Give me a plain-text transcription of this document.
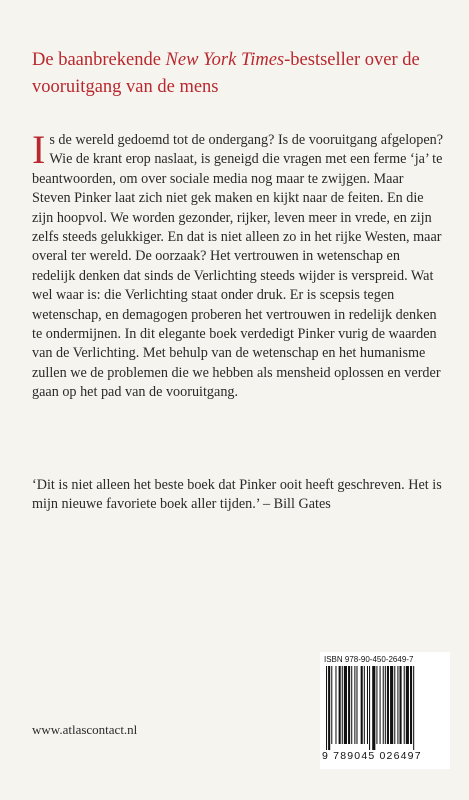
De baanbrekende New York Times-bestseller over de vooruitgang van de mens
Is de wereld gedoemd tot de ondergang? Is de vooruitgang afgelopen? Wie de krant erop naslaat, is geneigd die vragen met een ferme ‘ja’ te beantwoorden, om over sociale media nog maar te zwijgen. Maar Steven Pinker laat zich niet gek maken en kijkt naar de feiten. En die zijn hoopvol. We worden gezonder, rijker, leven meer in vrede, en zijn zelfs steeds gelukkiger. En dat is niet alleen zo in het rijke Westen, maar overal ter wereld. De oorzaak? Het vertrouwen in wetenschap en redelijk denken dat sinds de Verlichting steeds wijder is verspreid. Wat wel waar is: die Verlichting staat onder druk. Er is scepsis tegen wetenschap, en demagogen proberen het vertrouwen in redelijk denken te ondermijnen. In dit elegante boek verdedigt Pinker vurig de waarden van de Verlichting. Met behulp van de wetenschap en het humanisme zullen we de problemen die we hebben als mensheid oplossen en verder gaan op het pad van de vooruitgang.
‘Dit is niet alleen het beste boek dat Pinker ooit heeft geschreven. Het is mijn nieuwe favoriete boek aller tijden.’ – Bill Gates
www.atlascontact.nl
ISBN 978-90-450-2649-7
9 789045 026497
